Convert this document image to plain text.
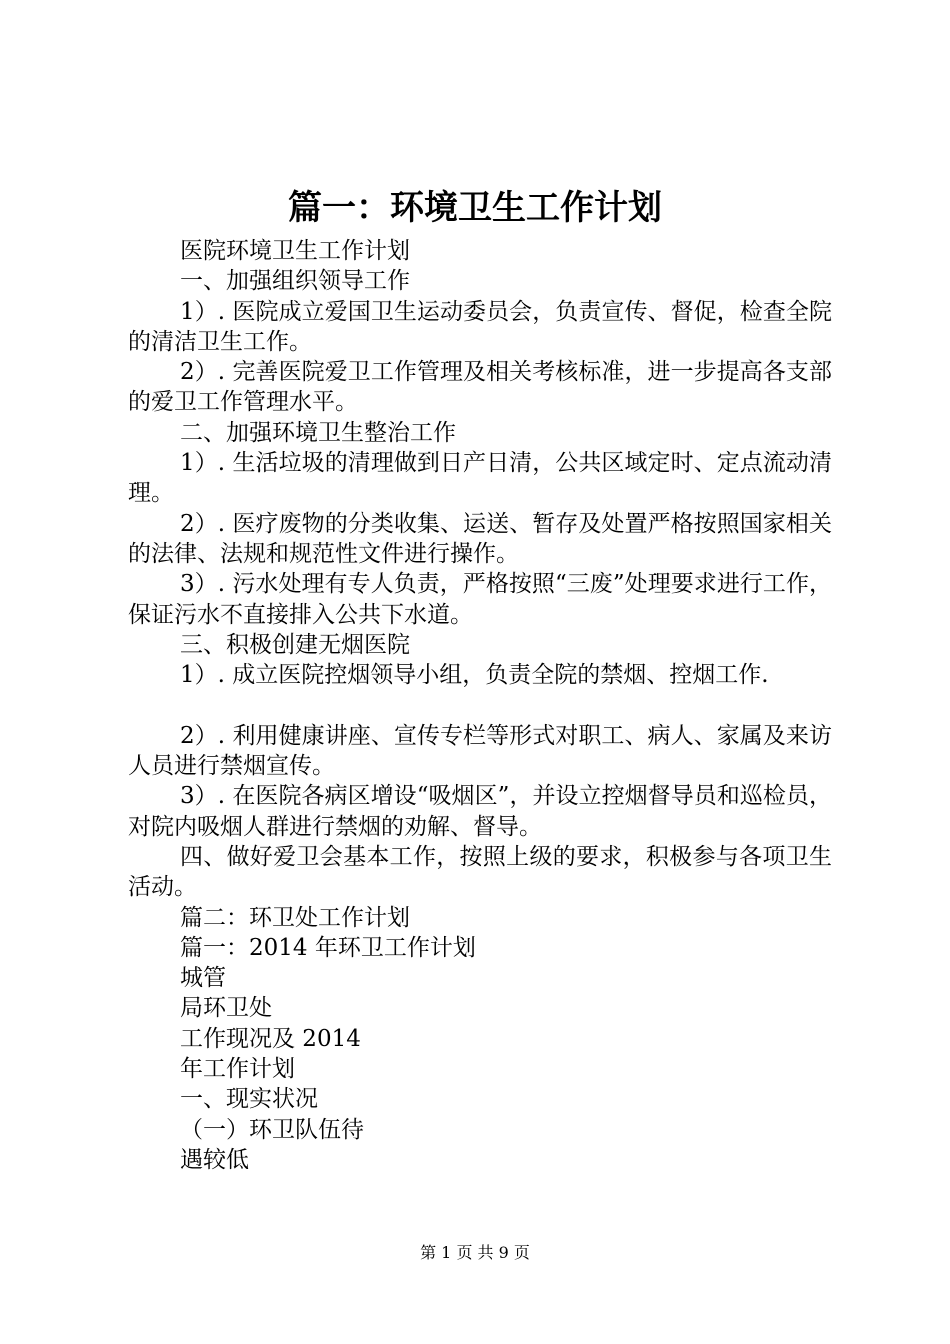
篇一：环境卫生工作计划

医院环境卫生工作计划

一、加强组织领导工作

1）. 医院成立爱国卫生运动委员会，负责宣传、督促，检查全院的清洁卫生工作。

2）. 完善医院爱卫工作管理及相关考核标准，进一步提高各支部的爱卫工作管理水平。

二、加强环境卫生整治工作

1）. 生活垃圾的清理做到日产日清，公共区域定时、定点流动清理。

2）. 医疗废物的分类收集、运送、暂存及处置严格按照国家相关的法律、法规和规范性文件进行操作。

3）. 污水处理有专人负责，严格按照“三废”处理要求进行工作，保证污水不直接排入公共下水道。

三、积极创建无烟医院

1）. 成立医院控烟领导小组，负责全院的禁烟、控烟工作.

2）. 利用健康讲座、宣传专栏等形式对职工、病人、家属及来访人员进行禁烟宣传。

3）. 在医院各病区增设“吸烟区”，并设立控烟督导员和巡检员，对院内吸烟人群进行禁烟的劝解、督导。

四、做好爱卫会基本工作，按照上级的要求，积极参与各项卫生活动。

篇二：环卫处工作计划

篇一：2014 年环卫工作计划

城管

局环卫处

工作现况及 2014

年工作计划

一、现实状况

（一）环卫队伍待

遇较低

第 1 页 共 9 页
